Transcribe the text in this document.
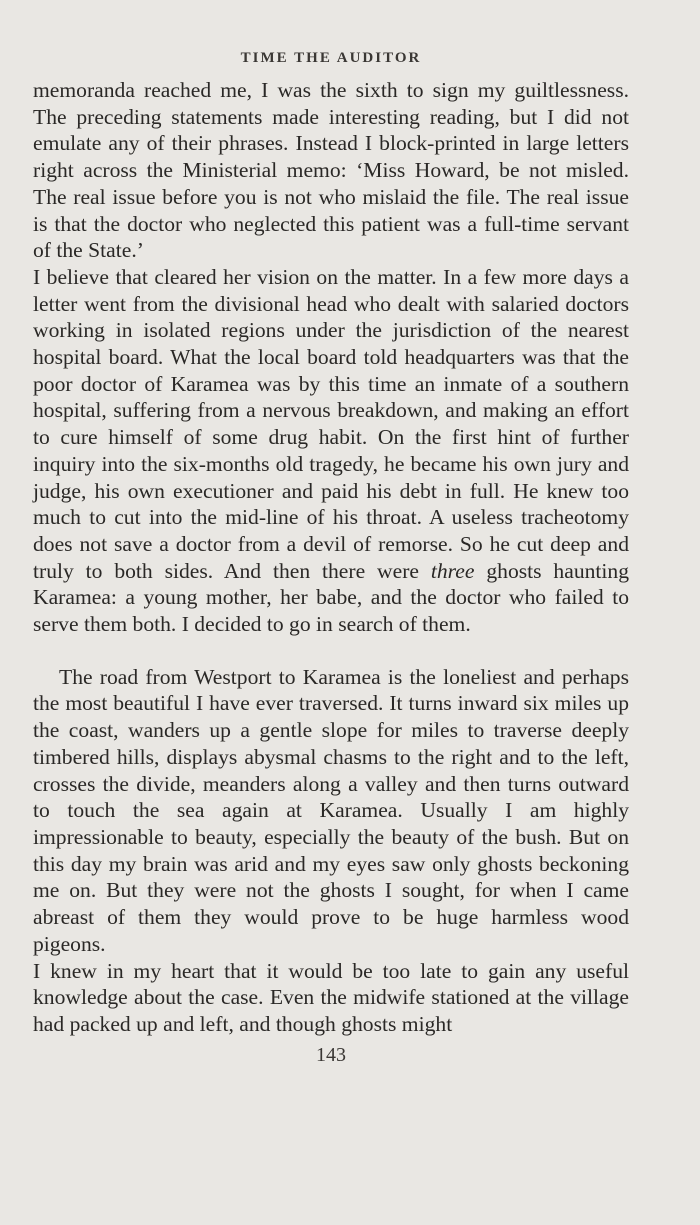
TIME THE AUDITOR

memoranda reached me, I was the sixth to sign my guiltlessness. The preceding statements made interesting reading, but I did not emulate any of their phrases. Instead I block-printed in large letters right across the Ministerial memo: ‘Miss Howard, be not misled. The real issue before you is not who mislaid the file. The real issue is that the doctor who neglected this patient was a full-time servant of the State.’

I believe that cleared her vision on the matter. In a few more days a letter went from the divisional head who dealt with salaried doctors working in isolated regions under the jurisdiction of the nearest hospital board. What the local board told headquarters was that the poor doctor of Karamea was by this time an inmate of a southern hospital, suffering from a nervous breakdown, and making an effort to cure himself of some drug habit. On the first hint of further inquiry into the six-months old tragedy, he became his own jury and judge, his own executioner and paid his debt in full. He knew too much to cut into the mid-line of his throat. A useless tracheotomy does not save a doctor from a devil of remorse. So he cut deep and truly to both sides. And then there were three ghosts haunting Karamea: a young mother, her babe, and the doctor who failed to serve them both. I decided to go in search of them.

The road from Westport to Karamea is the loneliest and perhaps the most beautiful I have ever traversed. It turns inward six miles up the coast, wanders up a gentle slope for miles to traverse deeply timbered hills, displays abysmal chasms to the right and to the left, crosses the divide, meanders along a valley and then turns outward to touch the sea again at Karamea. Usually I am highly impressionable to beauty, especially the beauty of the bush. But on this day my brain was arid and my eyes saw only ghosts beckoning me on. But they were not the ghosts I sought, for when I came abreast of them they would prove to be huge harmless wood pigeons.

I knew in my heart that it would be too late to gain any useful knowledge about the case. Even the midwife stationed at the village had packed up and left, and though ghosts might

143
